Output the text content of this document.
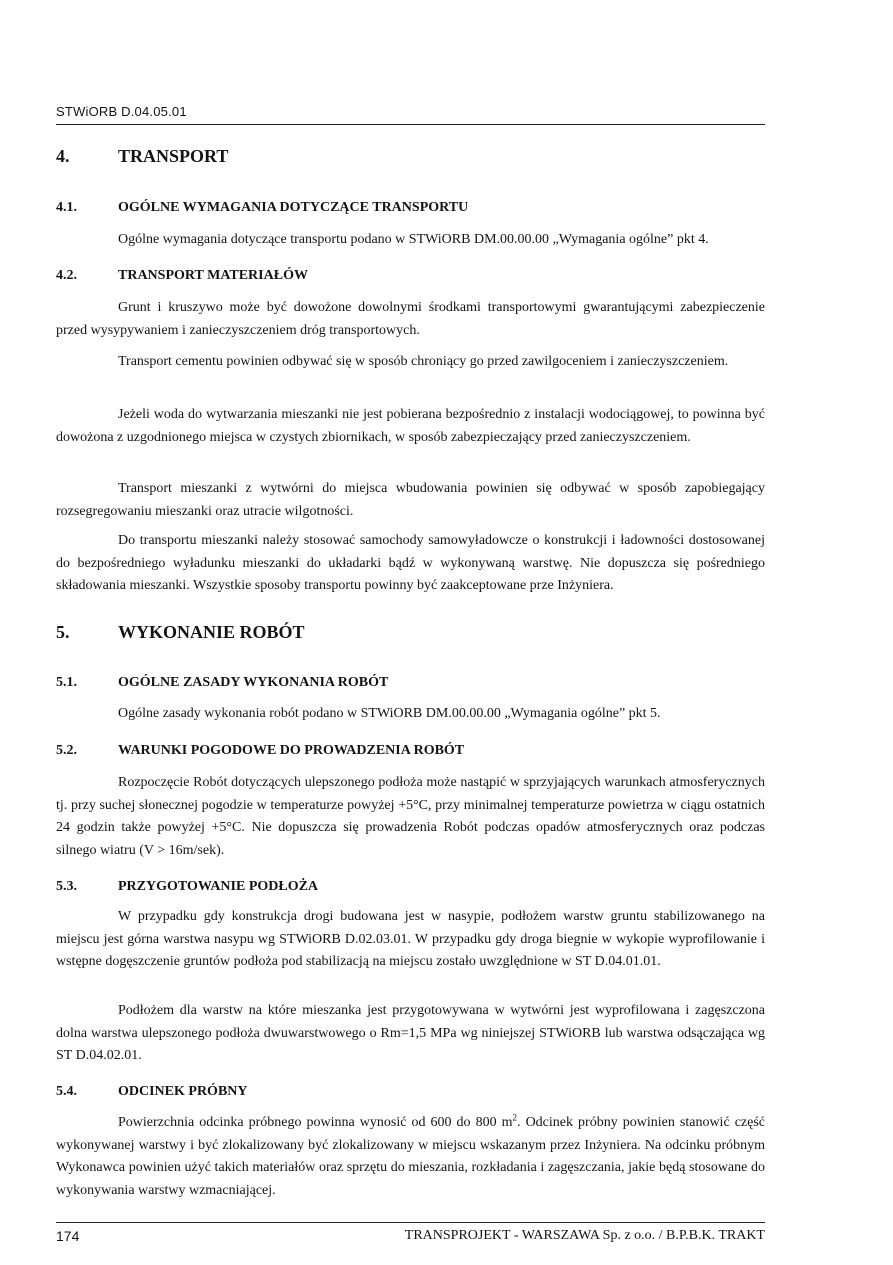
STWiORB D.04.05.01
4.	TRANSPORT
4.1.	OGÓLNE WYMAGANIA DOTYCZĄCE TRANSPORTU

Ogólne wymagania dotyczące transportu podano w STWiORB DM.00.00.00 „Wymagania ogólne” pkt 4.

4.2.	TRANSPORT MATERIAŁÓW

Grunt i kruszywo może być dowożone dowolnymi środkami transportowymi gwarantującymi zabezpieczenie przed wysypywaniem i zanieczyszczeniem dróg transportowych.

Transport cementu powinien odbywać się w sposób chroniący go przed zawilgoceniem i zanieczyszczeniem.

Jeżeli woda do wytwarzania mieszanki nie jest pobierana bezpośrednio z instalacji wodociągowej, to powinna być dowożona z uzgodnionego miejsca w czystych zbiornikach, w sposób zabezpieczający przed zanieczyszczeniem.

Transport mieszanki z wytwórni do miejsca wbudowania powinien się odbywać w sposób zapobiegający rozsegregowaniu mieszanki oraz utracie wilgotności.

Do transportu mieszanki należy stosować samochody samowyładowcze o konstrukcji i ładowności dostosowanej do bezpośredniego wyładunku mieszanki do układarki bądź w wykonywaną warstwę. Nie dopuszcza się pośredniego składowania mieszanki. Wszystkie sposoby transportu powinny być zaakceptowane prze Inżyniera.

5.	WYKONANIE ROBÓT
5.1.	OGÓLNE ZASADY WYKONANIA ROBÓT

Ogólne zasady wykonania robót podano w STWiORB DM.00.00.00 „Wymagania ogólne” pkt 5.

5.2.	WARUNKI POGODOWE DO PROWADZENIA ROBÓT

Rozpoczęcie Robót dotyczących ulepszonego podłoża może nastąpić w sprzyjających warunkach atmosferycznych tj. przy suchej słonecznej pogodzie w temperaturze powyżej +5°C, przy minimalnej temperaturze powietrza w ciągu ostatnich 24 godzin także powyżej +5°C. Nie dopuszcza się prowadzenia Robót podczas opadów atmosferycznych oraz podczas silnego wiatru (V > 16m/sek).

5.3.	PRZYGOTOWANIE PODŁOŻA

W przypadku gdy konstrukcja drogi budowana jest w nasypie, podłożem warstw gruntu stabilizowanego na miejscu jest górna warstwa nasypu wg STWiORB D.02.03.01. W przypadku gdy droga biegnie w wykopie wyprofilowanie i wstępne dogęszczenie gruntów podłoża pod stabilizacją na miejscu zostało uwzględnione w ST D.04.01.01.

Podłożem dla warstw na które mieszanka jest przygotowywana w wytwórni jest wyprofilowana i zagęszczona dolna warstwa ulepszonego podłoża dwuwarstwowego o Rm=1,5 MPa wg niniejszej STWiORB lub warstwa odsączająca wg ST D.04.02.01.

5.4.	ODCINEK PRÓBNY

Powierzchnia odcinka próbnego powinna wynosić od 600 do 800 $m^2$. Odcinek próbny powinien stanowić część wykonywanej warstwy i być zlokalizowany być zlokalizowany w miejscu wskazanym przez Inżyniera. Na odcinku próbnym Wykonawca powinien użyć takich materiałów oraz sprzętu do mieszania, rozkładania i zagęszczania, jakie będą stosowane do wykonywania warstwy wzmacniającej.

174	TRANSPROJEKT - WARSZAWA Sp. z o.o. / B.P.B.K. TRAKT
